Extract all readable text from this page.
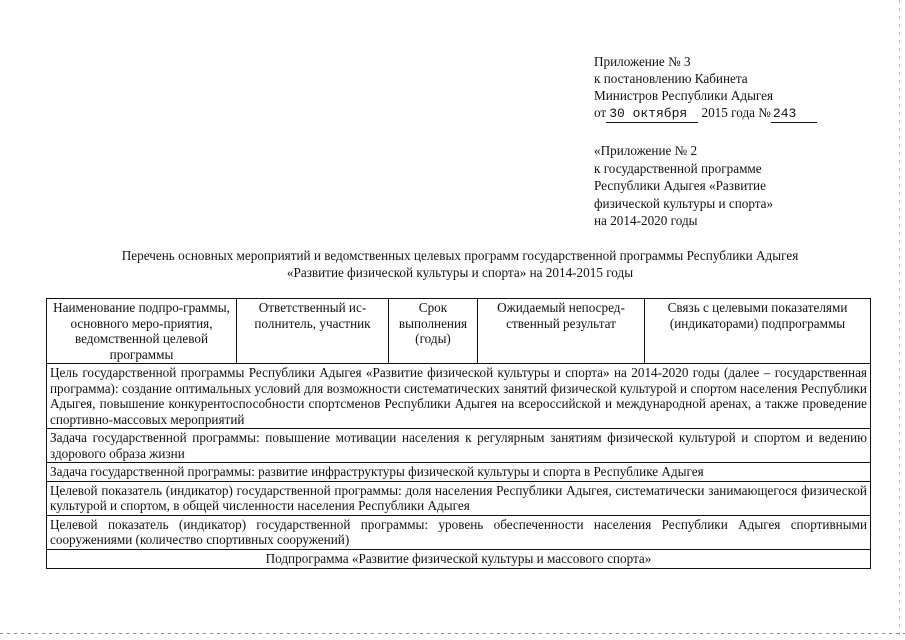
Приложение № 3
к постановлению Кабинета
Министров Республики Адыгея
от 30 октября 2015 года № 243
«Приложение № 2
к государственной программе
Республики Адыгея «Развитие
физической культуры и спорта»
на 2014-2020 годы
Перечень основных мероприятий и ведомственных целевых программ государственной программы Республики Адыгея
«Развитие физической культуры и спорта» на 2014-2015 годы
Наименование подпро-граммы, основного меро-приятия, ведомственной целевой программы	Ответственный ис-полнитель, участник	Срок выполнения (годы)	Ожидаемый непосред-ственный результат	Связь с целевыми показателями (индикаторами) подпрограммы
Цель государственной программы Республики Адыгея «Развитие физической культуры и спорта» на 2014-2020 годы (далее – государственная программа): создание оптимальных условий для возможности систематических занятий физической культурой и спортом населения Республики Адыгея, повышение конкурентоспособности спортсменов Республики Адыгея на всероссийской и международной аренах, а также проведение спортивно-массовых мероприятий
Задача государственной программы: повышение мотивации населения к регулярным занятиям физической культурой и спортом и ведению здорового образа жизни
Задача государственной программы: развитие инфраструктуры физической культуры и спорта в Республике Адыгея
Целевой показатель (индикатор) государственной программы: доля населения Республики Адыгея, систематически занимающегося физической культурой и спортом, в общей численности населения Республики Адыгея
Целевой показатель (индикатор) государственной программы: уровень обеспеченности населения Республики Адыгея спортивными сооружениями (количество спортивных сооружений)
Подпрограмма «Развитие физической культуры и массового спорта»
